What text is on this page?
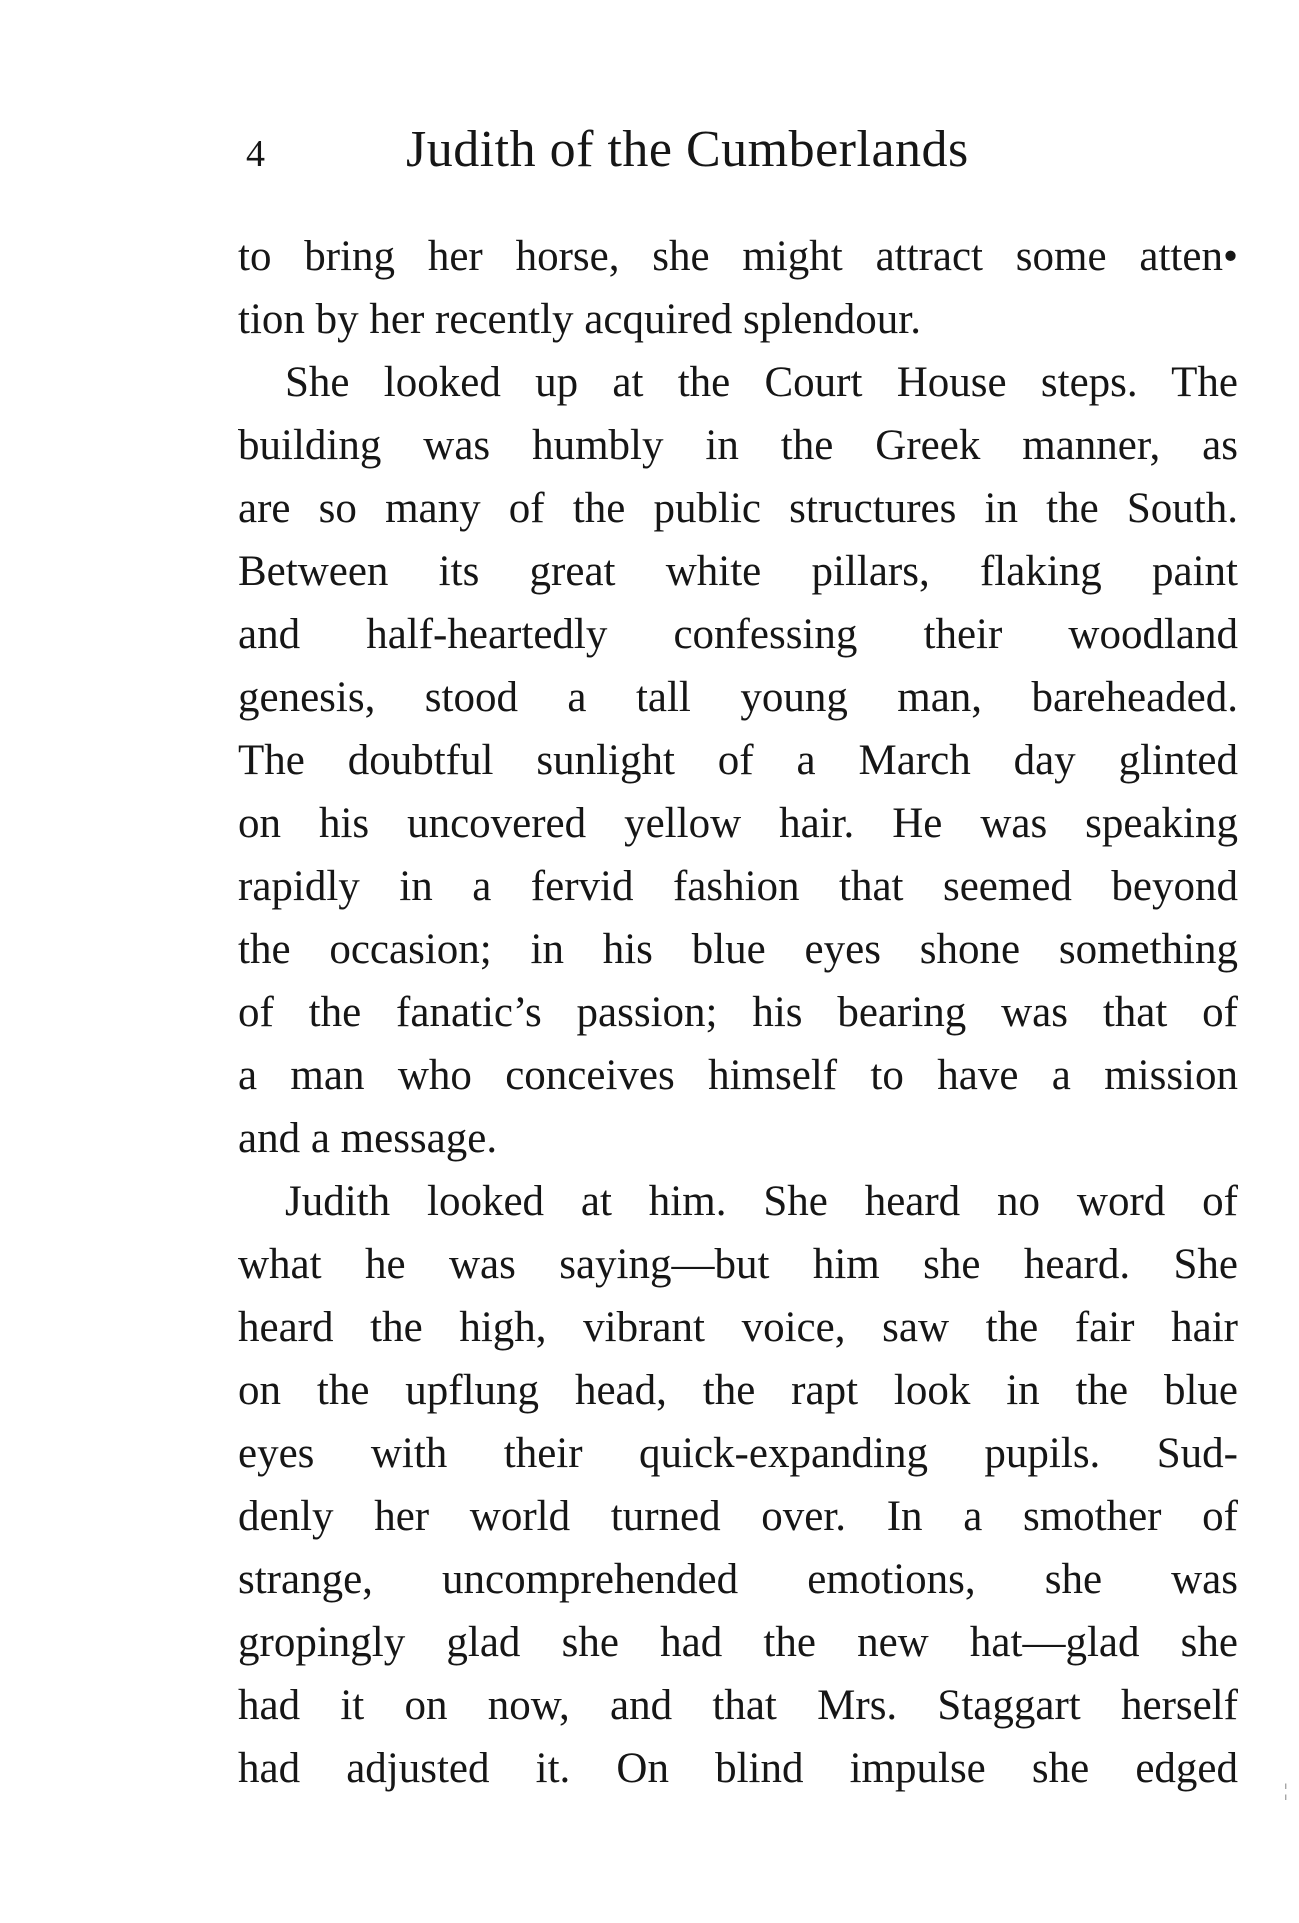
4	Judith of the Cumberlands
to bring her horse, she might attract some atten•
tion by her recently acquired splendour.
She looked up at the Court House steps. The
building was humbly in the Greek manner, as
are so many of the public structures in the South.
Between its great white pillars, flaking paint
and half-heartedly confessing their woodland
genesis, stood a tall young man, bareheaded.
The doubtful sunlight of a March day glinted
on his uncovered yellow hair. He was speaking
rapidly in a fervid fashion that seemed beyond
the occasion; in his blue eyes shone something
of the fanatic’s passion; his bearing was that of
a man who conceives himself to have a mission
and a message.
Judith looked at him. She heard no word of
what he was saying—but him she heard. She
heard the high, vibrant voice, saw the fair hair
on the upflung head, the rapt look in the blue
eyes with their quick-expanding pupils. Sud-
denly her world turned over. In a smother of
strange, uncomprehended emotions, she was
gropingly glad she had the new hat—glad she
had it on now, and that Mrs. Staggart herself
had adjusted it. On blind impulse she edged	¦
